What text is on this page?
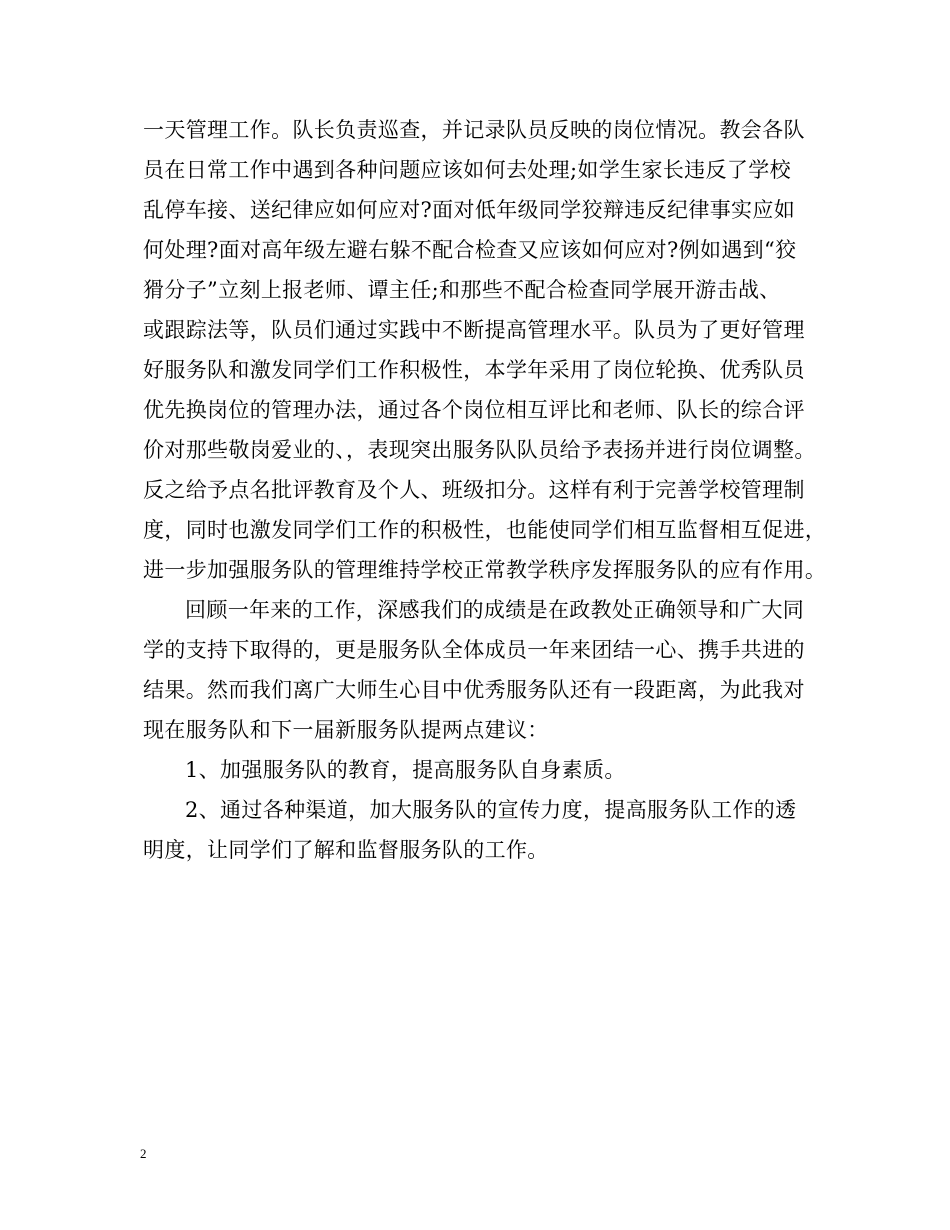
一天管理工作。队长负责巡查，并记录队员反映的岗位情况。教会各队
员在日常工作中遇到各种问题应该如何去处理;如学生家长违反了学校
乱停车接、送纪律应如何应对?面对低年级同学狡辩违反纪律事实应如
何处理?面对高年级左避右躲不配合检查又应该如何应对?例如遇到“狡
猾分子”立刻上报老师、谭主任;和那些不配合检查同学展开游击战、
或跟踪法等，队员们通过实践中不断提高管理水平。队员为了更好管理
好服务队和激发同学们工作积极性，本学年采用了岗位轮换、优秀队员
优先换岗位的管理办法，通过各个岗位相互评比和老师、队长的综合评
价对那些敬岗爱业的、，表现突出服务队队员给予表扬并进行岗位调整。
反之给予点名批评教育及个人、班级扣分。这样有利于完善学校管理制
度，同时也激发同学们工作的积极性，也能使同学们相互监督相互促进，
进一步加强服务队的管理维持学校正常教学秩序发挥服务队的应有作用。
回顾一年来的工作，深感我们的成绩是在政教处正确领导和广大同
学的支持下取得的，更是服务队全体成员一年来团结一心、携手共进的
结果。然而我们离广大师生心目中优秀服务队还有一段距离，为此我对
现在服务队和下一届新服务队提两点建议：
1、加强服务队的教育，提高服务队自身素质。
2、通过各种渠道，加大服务队的宣传力度，提高服务队工作的透
明度，让同学们了解和监督服务队的工作。
2
